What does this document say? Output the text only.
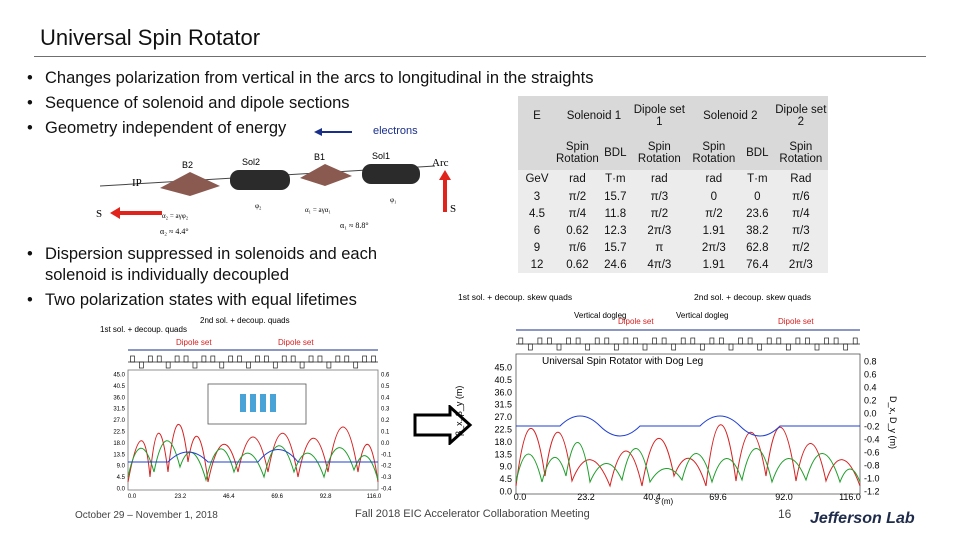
Universal Spin Rotator
• Changes polarization from vertical in the arcs to longitudinal in the straights
• Sequence of solenoid and dipole sections
• Geometry independent of energy	electrons
B2	Sol2	B1	Sol1
Arc
S
IP
S	α₂ = aγφ₂
φ₂	α₁ = aγα₁
φ₁
α₁ ≈ 8.8°
α₂ ≈ 4.4°
E	Solenoid 1		Dipole set 1	Solenoid 2		Dipole set 2
	Spin Rotation	BDL	Spin Rotation	Spin Rotation	BDL	Spin Rotation
GeV	rad	T·m	rad	rad	T·m	Rad
3	π/2	15.7	π/3	0	0	π/6
4.5	π/4	11.8	π/2	π/2	23.6	π/4
6	0.62	12.3	2π/3	1.91	38.2	π/3
9	π/6	15.7	π	2π/3	62.8	π/2
12	0.62	24.6	4π/3	1.91	76.4	2π/3
• Dispersion suppressed in solenoids and each solenoid is individually decoupled
• Two polarization states with equal lifetimes
1st sol. + decoup. quads
2nd sol. + decoup. quads
Dipole set	Dipole set
45.0
40.5
36.0
31.5
27.0
22.5
18.0
13.5
9.0
4.5
0.0
0.6
0.5
0.4
0.3
0.2
0.1
0.0
-0.1
-0.2
-0.3
-0.4
0.0	23.2	46.4	69.6	92.8	116.0
1st sol. + decoup. skew quads	2nd sol. + decoup. skew quads
Vertical dogleg
Dipole set
Vertical dogleg
Dipole set
Universal Spin Rotator with Dog Leg
45.0
40.5
36.0
31.5
27.0
22.5
18.0
13.5
9.0
4.5
0.0
0.8
0.6
0.4
0.2
0.0
-0.2
-0.4
-0.6
-0.8
-1.0
-1.2
0.0	23.2	40.4	69.6	92.0	116.0
s (m)
β_x, β_y (m)	D_x, D_y (m)
October 29 – November 1, 2018	Fall 2018 EIC Accelerator Collaboration Meeting	16 Jefferson Lab
